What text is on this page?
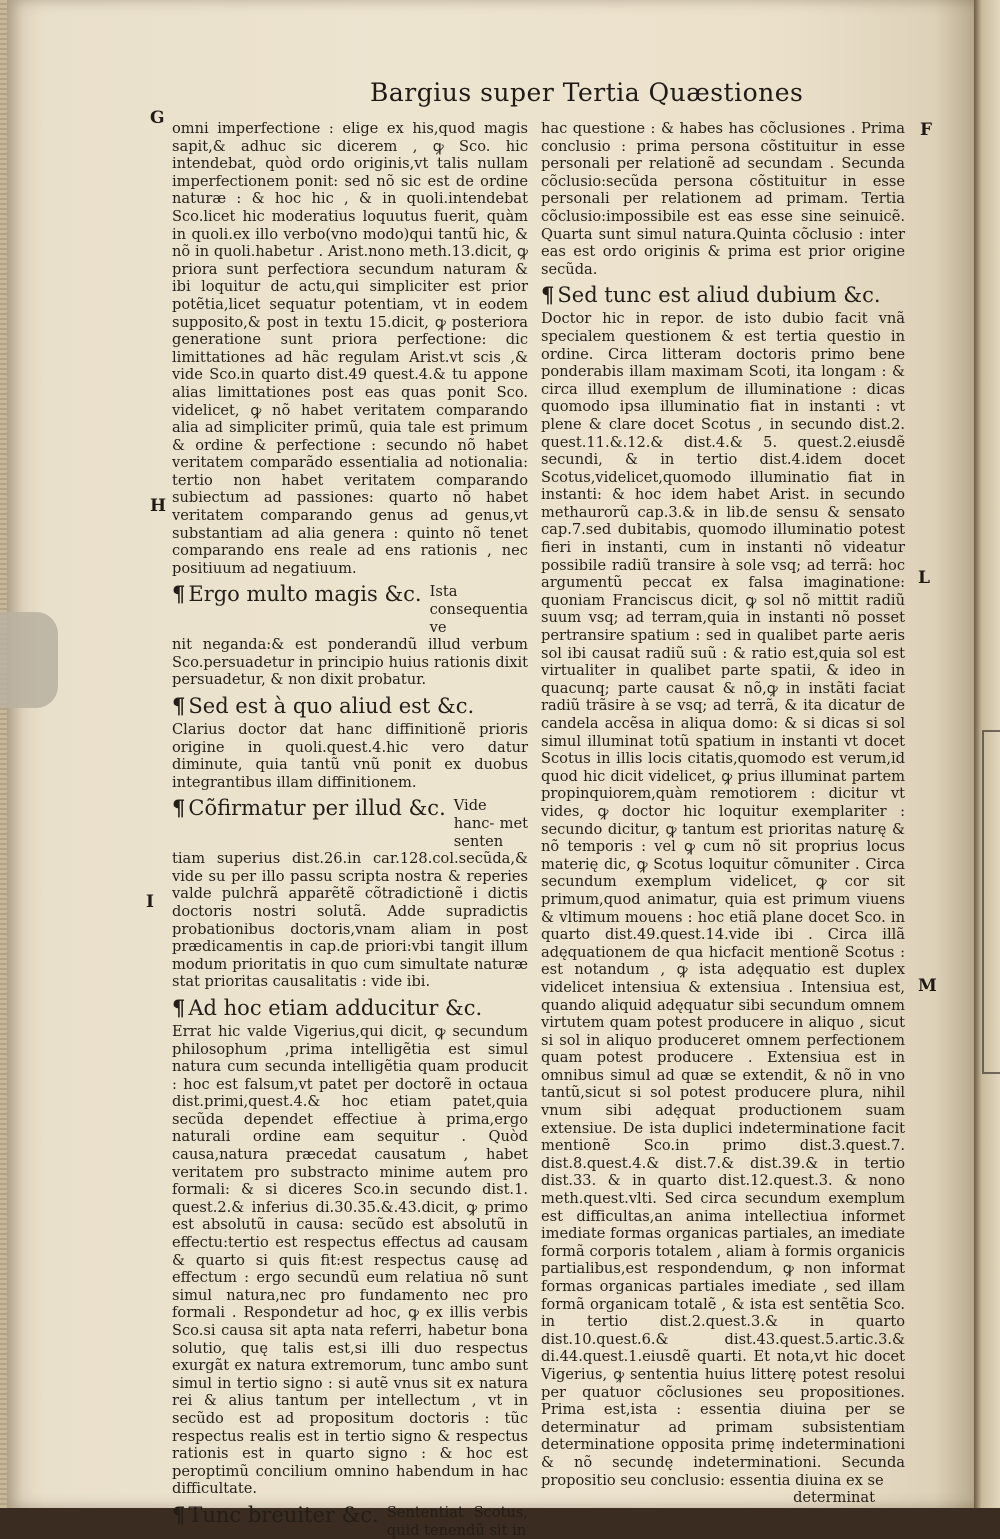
Bargius super Tertia Quæstiones
G
F
H
I
L
M

omni imperfectione : elige ex his,quod magis sapit,& adhuc sic dicerem , ꝙ Sco. hic intendebat, quòd ordo originis,vt talis nullam imperfectionem ponit: sed nõ sic est de ordine naturæ : & hoc hic , & in quoli.intendebat Sco.licet hic moderatius loquutus fuerit, quàm in quoli.ex illo verbo(vno modo)qui tantũ hic, & nõ in quoli.habetur . Arist.nono meth.13.dicit, ꝙ priora sunt perfectiora secundum naturam & ibi loquitur de actu,qui simpliciter est prior potẽtia,licet sequatur potentiam, vt in eodem supposito,& post in textu 15.dicit, ꝙ posteriora generatione sunt priora perfectione: dic limittationes ad hãc regulam Arist.vt scis ,& vide Sco.in quarto dist.49 quest.4.& tu appone alias limittationes post eas quas ponit Sco. videlicet, ꝙ nõ habet veritatem comparando alia ad simpliciter primũ, quia tale est primum & ordine & perfectione : secundo nõ habet veritatem comparãdo essentialia ad notionalia: tertio non habet veritatem comparando subiectum ad passiones: quarto nõ habet veritatem comparando genus ad genus,vt substantiam ad alia genera : quinto nõ tenet comparando ens reale ad ens rationis , nec positiuum ad negatiuum.

¶ Ergo multo magis &c. Ista consequentia ve

nit neganda:& est ponderandũ illud verbum Sco.persuadetur in principio huius rationis dixit persuadetur, & non dixit probatur.

¶ Sed est à quo aliud est &c.

Clarius doctor dat hanc diffinitionẽ prioris origine in quoli.quest.4.hic vero datur diminute, quia tantũ vnũ ponit ex duobus integrantibus illam diffinitionem.

¶ Cõfirmatur per illud &c. Vide hanc- met senten

tiam superius dist.26.in car.128.col.secũda,& vide su per illo passu scripta nostra & reperies valde pulchrã apparẽtẽ cõtradictionẽ i dictis doctoris nostri solutã. Adde supradictis probationibus doctoris,vnam aliam in post prædicamentis in cap.de priori:vbi tangit illum modum prioritatis in quo cum simultate naturæ stat prioritas causalitatis : vide ibi.

¶ Ad hoc etiam adducitur &c.

Errat hic valde Vigerius,qui dicit, ꝙ secundum philosophum ,prima intelligẽtia est simul natura cum secunda intelligẽtia quam producit : hoc est falsum,vt patet per doctorẽ in octaua dist.primi,quest.4.& hoc etiam patet,quia secũda dependet effectiue à prima,ergo naturali ordine eam sequitur . Quòd causa,natura præcedat causatum , habet veritatem pro substracto minime autem pro formali: & si diceres Sco.in secundo dist.1. quest.2.& inferius di.30.35.&.43.dicit, ꝙ primo est absolutũ in causa: secũdo est absolutũ in effectu:tertio est respectus effectus ad causam & quarto si quis fit:est respectus causę ad effectum : ergo secundũ eum relatiua nõ sunt simul natura,nec pro fundamento nec pro formali . Respondetur ad hoc, ꝙ ex illis verbis Sco.si causa sit apta nata referri, habetur bona solutio, quę talis est,si illi duo respectus exurgãt ex natura extremorum, tunc ambo sunt simul in tertio signo : si autẽ vnus sit ex natura rei & alius tantum per intellectum , vt in secũdo est ad propositum doctoris : tũc respectus realis est in tertio signo & respectus rationis est in quarto signo : & hoc est peroptimũ concilium omnino habendum in hac difficultate.

¶ Tunc breuiter &c. Sententiat Scotus, quid tenendũ sit in

hac questione : & habes has cõclusiones . Prima conclusio : prima persona cõstituitur in esse personali per relationẽ ad secundam . Secunda cõclusio:secũda persona cõstituitur in esse personali per relationem ad primam. Tertia cõclusio:impossibile est eas esse sine seinuicẽ. Quarta sunt simul natura.Quinta cõclusio : inter eas est ordo originis & prima est prior origine secũda.

¶ Sed tunc est aliud dubium &c.

Doctor hic in repor. de isto dubio facit vnã specialem questionem & est tertia questio in ordine. Circa litteram doctoris primo bene ponderabis illam maximam Scoti, ita longam : & circa illud exemplum de illuminatione : dicas quomodo ipsa illuminatio fiat in instanti : vt plene & clare docet Scotus , in secundo dist.2. quest.11.&.12.& dist.4.& 5. quest.2.eiusdẽ secundi, & in tertio dist.4.idem docet Scotus,videlicet,quomodo illuminatio fiat in instanti: & hoc idem habet Arist. in secundo methaurorũ cap.3.& in lib.de sensu & sensato cap.7.sed dubitabis, quomodo illuminatio potest fieri in instanti, cum in instanti nõ videatur possibile radiũ transire à sole vsq; ad terrã: hoc argumentũ peccat ex falsa imaginatione: quoniam Franciscus dicit, ꝙ sol nõ mittit radiũ suum vsq; ad terram,quia in instanti nõ posset pertransire spatium : sed in qualibet parte aeris sol ibi causat radiũ suũ : & ratio est,quia sol est virtualiter in qualibet parte spatii, & ideo in quacunq; parte causat & nõ,ꝙ in instãti faciat radiũ trãsire à se vsq; ad terrã, & ita dicatur de candela accẽsa in aliqua domo: & si dicas si sol simul illuminat totũ spatium in instanti vt docet Scotus in illis locis citatis,quomodo est verum,id quod hic dicit videlicet, ꝙ prius illuminat partem propinquiorem,quàm remotiorem : dicitur vt vides, ꝙ doctor hic loquitur exemplariter : secundo dicitur, ꝙ tantum est prioritas naturę & nõ temporis : vel ꝙ cum nõ sit proprius locus materię dic, ꝙ Scotus loquitur cõmuniter . Circa secundum exemplum videlicet, ꝙ cor sit primum,quod animatur, quia est primum viuens & vltimum mouens : hoc etiã plane docet Sco. in quarto dist.49.quest.14.vide ibi . Circa illã adęquationem de qua hicfacit mentionẽ Scotus : est notandum , ꝙ ista adęquatio est duplex videlicet intensiua & extensiua . Intensiua est, quando aliquid adęquatur sibi secundum omnem virtutem quam potest producere in aliquo , sicut si sol in aliquo produceret omnem perfectionem quam potest producere . Extensiua est in omnibus simul ad quæ se extendit, & nõ in vno tantũ,sicut si sol potest producere plura, nihil vnum sibi adęquat productionem suam extensiue. De ista duplici indeterminatione facit mentionẽ Sco.in primo dist.3.quest.7. dist.8.quest.4.& dist.7.& dist.39.& in tertio dist.33. & in quarto dist.12.quest.3. & nono meth.quest.vlti. Sed circa secundum exemplum est difficultas,an anima intellectiua informet imediate formas organicas partiales, an imediate formã corporis totalem , aliam à formis organicis partialibus,est respondendum, ꝙ non informat formas organicas partiales imediate , sed illam formã organicam totalẽ , & ista est sentẽtia Sco. in tertio dist.2.quest.3.& in quarto dist.10.quest.6.& dist.43.quest.5.artic.3.& di.44.quest.1.eiusdẽ quarti. Et nota,vt hic docet Vigerius, ꝙ sententia huius litterę potest resolui per quatuor cõclusiones seu propositiones. Prima est,ista : essentia diuina per se determinatur ad primam subsistentiam determinatione opposita primę indeterminationi & nõ secundę indeterminationi. Secunda propositio seu conclusio: essentia diuina ex se

determinat
